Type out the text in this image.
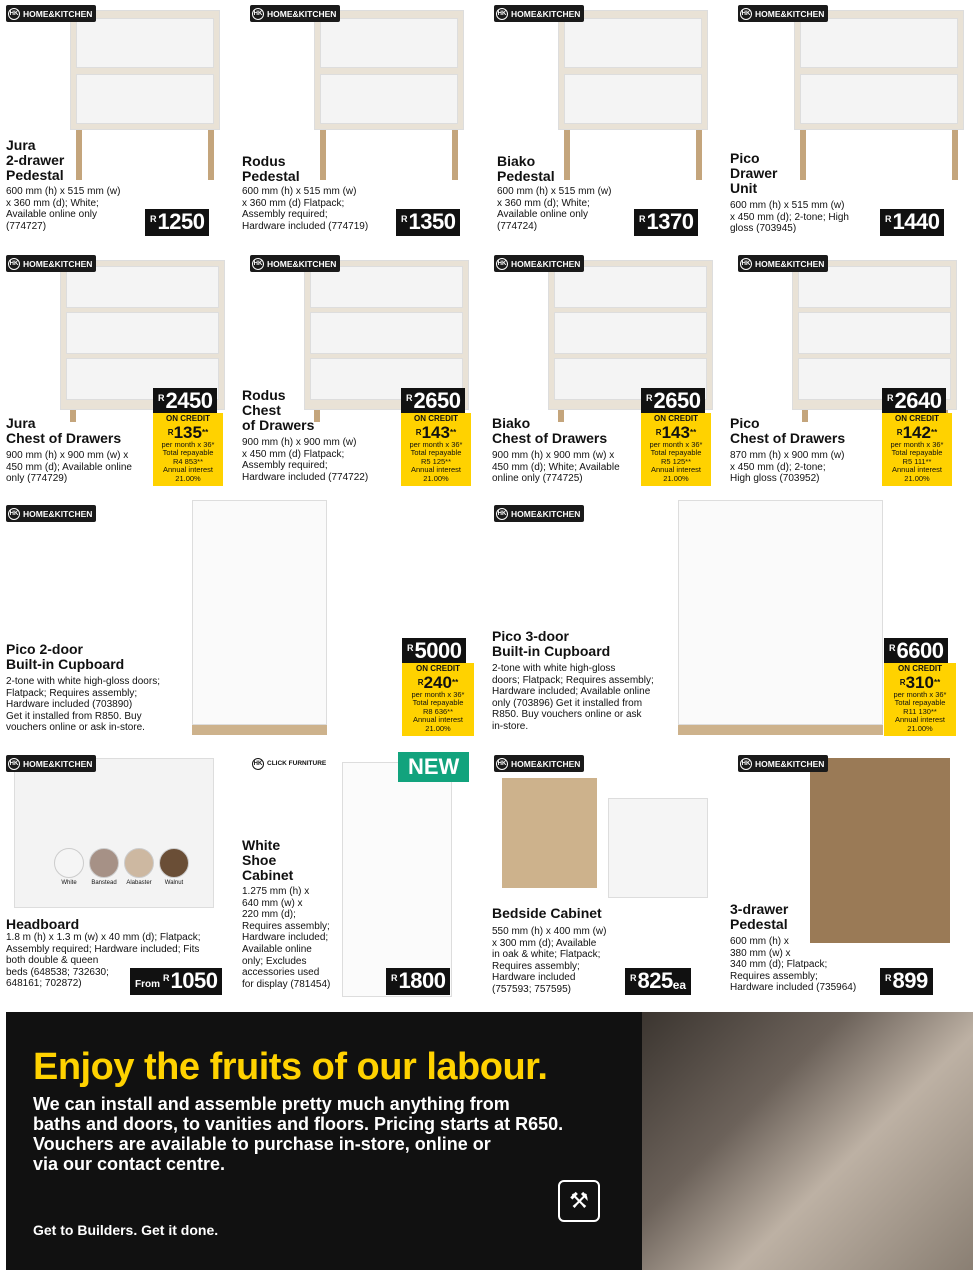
HK HOME&KITCHEN
Jura
2-drawer
Pedestal
600 mm (h) x 515 mm (w)
x 360 mm (d); White;
Available online only
(774727)
R 1250
HK HOME&KITCHEN
Rodus
Pedestal
600 mm (h) x 515 mm (w)
x 360 mm (d) Flatpack;
Assembly required;
Hardware included (774719)
R 1350
HK HOME&KITCHEN
Biako
Pedestal
600 mm (h) x 515 mm (w)
x 360 mm (d); White;
Available online only
(774724)
R 1370
HK HOME&KITCHEN
Pico
Drawer
Unit
600 mm (h) x 515 mm (w)
x 450 mm (d); 2-tone; High
gloss (703945)
R 1440
HK HOME&KITCHEN
Jura
Chest of Drawers
900 mm (h) x 900 mm (w) x
450 mm (d); Available online
only (774729)
R 2450
ON CREDIT
$^R$135**
per month x 36*
Total repayable
R4 853**
Annual interest
21.00%
HK HOME&KITCHEN
Rodus
Chest
of Drawers
900 mm (h) x 900 mm (w)
x 450 mm (d) Flatpack;
Assembly required;
Hardware included (774722)
R 2650
ON CREDIT
$^R$143**
per month x 36*
Total repayable
R5 125**
Annual interest
21.00%
HK HOME&KITCHEN
Biako
Chest of Drawers
900 mm (h) x 900 mm (w) x
450 mm (d); White; Available
online only (774725)
R 2650
ON CREDIT
$^R$143**
per month x 36*
Total repayable
R5 125**
Annual interest
21.00%
HK HOME&KITCHEN
Pico
Chest of Drawers
870 mm (h) x 900 mm (w)
x 450 mm (d); 2-tone;
High gloss (703952)
R 2640
ON CREDIT
$^R$142**
per month x 36*
Total repayable
R5 111**
Annual interest
21.00%
HK HOME&KITCHEN
Pico 2-door
Built-in Cupboard
2-tone with white high-gloss doors;
Flatpack; Requires assembly;
Hardware included (703890)
Get it installed from R850. Buy
vouchers online or ask in-store.
R 5000
ON CREDIT
$^R$240**
per month x 36*
Total repayable
R8 636**
Annual interest
21.00%
HK HOME&KITCHEN
Pico 3-door
Built-in Cupboard
2-tone with white high-gloss
doors; Flatpack; Requires assembly;
Hardware included; Available online
only (703896) Get it installed from
R850. Buy vouchers online or ask
in-store.
R 6600
ON CREDIT
$^R$310**
per month x 36*
Total repayable
R11 130**
Annual interest
21.00%
White	Banstead	Alabaster	Walnut
HK HOME&KITCHEN
Headboard
1.8 m (h) x 1.3 m (w) x 40 mm (d); Flatpack;
Assembly required; Hardware included; Fits
both double & queen
beds (648538; 732630;
648161; 702872)	From
R 1050
HK CLICK FURNITURE
White
Shoe
Cabinet
1.275 mm (h) x
640 mm (w) x
220 mm (d);
Requires assembly;
Hardware included;
Available online
only; Excludes
accessories used
for display (781454)
R 1800
NEW	HK HOME&KITCHEN
Bedside Cabinet
550 mm (h) x 400 mm (w)
x 300 mm (d); Available
in oak & white; Flatpack;
Requires assembly;
Hardware included
(757593; 757595)
R 825 ea
HK HOME&KITCHEN
3-drawer
Pedestal
600 mm (h) x
380 mm (w) x
340 mm (d); Flatpack;
Requires assembly;
Hardware included (735964)
R 899
Enjoy the fruits of our labour.
We can install and assemble pretty much anything from
baths and doors, to vanities and floors. Pricing starts at R650.
Vouchers are available to purchase in-store, online or
via our contact centre.
⚒
Get to Builders. Get it done.
